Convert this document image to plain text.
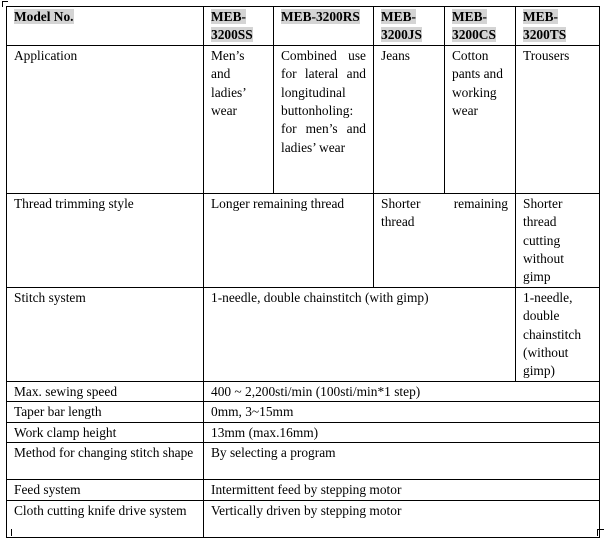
Model No.	MEB-3200SS	MEB-3200RS	MEB-3200JS	MEB-3200CS	MEB-3200TS
Application	Men’s and ladies’ wear	Combined use for lateral and longitudinal buttonholing: for men’s and ladies’ wear	Jeans	Cotton pants and working wear	Trousers
Thread trimming style	Longer remaining thread		Shorter remaining thread		Shorter thread cutting without gimp
Stitch system	1-needle, double chainstitch (with gimp)				1-needle, double chainstitch (without gimp)
Max. sewing speed	400 ~ 2,200sti/min (100sti/min*1 step)				
Taper bar length	0mm, 3~15mm				
Work clamp height	13mm (max.16mm)				
Method for changing stitch shape	By selecting a program				
Feed system	Intermittent feed by stepping motor				
Cloth cutting knife drive system	Vertically driven by stepping motor				
